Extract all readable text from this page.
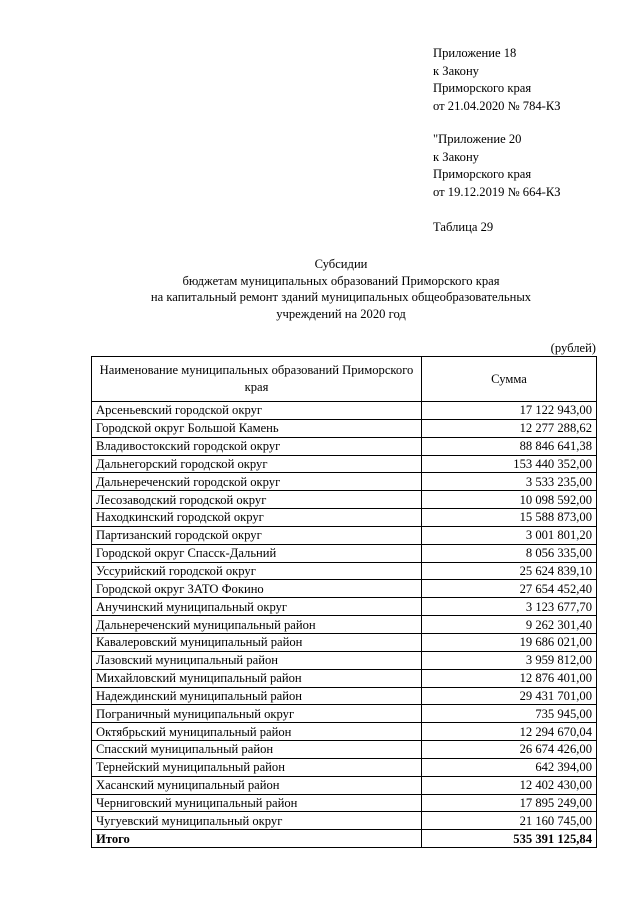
Приложение 18
к Закону
Приморского края
от 21.04.2020 № 784-КЗ
"Приложение 20
к Закону
Приморского края
от 19.12.2019 № 664-КЗ
Таблица 29
Субсидии
бюджетам муниципальных образований Приморского края
на капитальный ремонт зданий муниципальных общеобразовательных
учреждений на 2020 год
(рублей)
Наименование муниципальных образований Приморского края	Сумма
Арсеньевский городской округ	17 122 943,00
Городской округ Большой Камень	12 277 288,62
Владивостокский городской округ	88 846 641,38
Дальнегорский городской округ	153 440 352,00
Дальнереченский городской округ	3 533 235,00
Лесозаводский городской округ	10 098 592,00
Находкинский городской округ	15 588 873,00
Партизанский городской округ	3 001 801,20
Городской округ Спасск-Дальний	8 056 335,00
Уссурийский городской округ	25 624 839,10
Городской округ ЗАТО Фокино	27 654 452,40
Анучинский муниципальный округ	3 123 677,70
Дальнереченский муниципальный район	9 262 301,40
Кавалеровский муниципальный район	19 686 021,00
Лазовский муниципальный район	3 959 812,00
Михайловский муниципальный район	12 876 401,00
Надеждинский муниципальный район	29 431 701,00
Пограничный муниципальный округ	735 945,00
Октябрьский муниципальный район	12 294 670,04
Спасский муниципальный район	26 674 426,00
Тернейский муниципальный район	642 394,00
Хасанский муниципальный район	12 402 430,00
Черниговский муниципальный район	17 895 249,00
Чугуевский муниципальный округ	21 160 745,00
Итого	535 391 125,84
